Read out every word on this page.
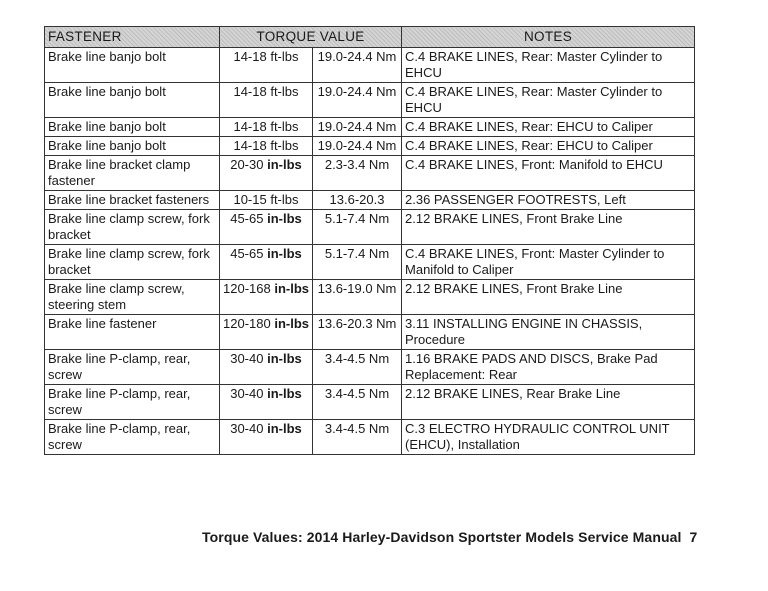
FASTENER	TORQUE VALUE		NOTES
Brake line banjo bolt	14-18 ft-lbs	19.0-24.4 Nm	C.4 BRAKE LINES, Rear: Master Cylinder to EHCU
Brake line banjo bolt	14-18 ft-lbs	19.0-24.4 Nm	C.4 BRAKE LINES, Rear: Master Cylinder to EHCU
Brake line banjo bolt	14-18 ft-lbs	19.0-24.4 Nm	C.4 BRAKE LINES, Rear: EHCU to Caliper
Brake line banjo bolt	14-18 ft-lbs	19.0-24.4 Nm	C.4 BRAKE LINES, Rear: EHCU to Caliper
Brake line bracket clamp fastener	20-30 in-lbs	2.3-3.4 Nm	C.4 BRAKE LINES, Front: Manifold to EHCU
Brake line bracket fasteners	10-15 ft-lbs	13.6-20.3	2.36 PASSENGER FOOTRESTS, Left
Brake line clamp screw, fork bracket	45-65 in-lbs	5.1-7.4 Nm	2.12 BRAKE LINES, Front Brake Line
Brake line clamp screw, fork bracket	45-65 in-lbs	5.1-7.4 Nm	C.4 BRAKE LINES, Front: Master Cylinder to Manifold to Caliper
Brake line clamp screw, steering stem	120-168 in-lbs	13.6-19.0 Nm	2.12 BRAKE LINES, Front Brake Line
Brake line fastener	120-180 in-lbs	13.6-20.3 Nm	3.11 INSTALLING ENGINE IN CHASSIS, Procedure
Brake line P-clamp, rear, screw	30-40 in-lbs	3.4-4.5 Nm	1.16 BRAKE PADS AND DISCS, Brake Pad Replacement: Rear
Brake line P-clamp, rear, screw	30-40 in-lbs	3.4-4.5 Nm	2.12 BRAKE LINES, Rear Brake Line
Brake line P-clamp, rear, screw	30-40 in-lbs	3.4-4.5 Nm	C.3 ELECTRO HYDRAULIC CONTROL UNIT (EHCU), Installation
Torque Values: 2014 Harley-Davidson Sportster Models Service Manual 7
